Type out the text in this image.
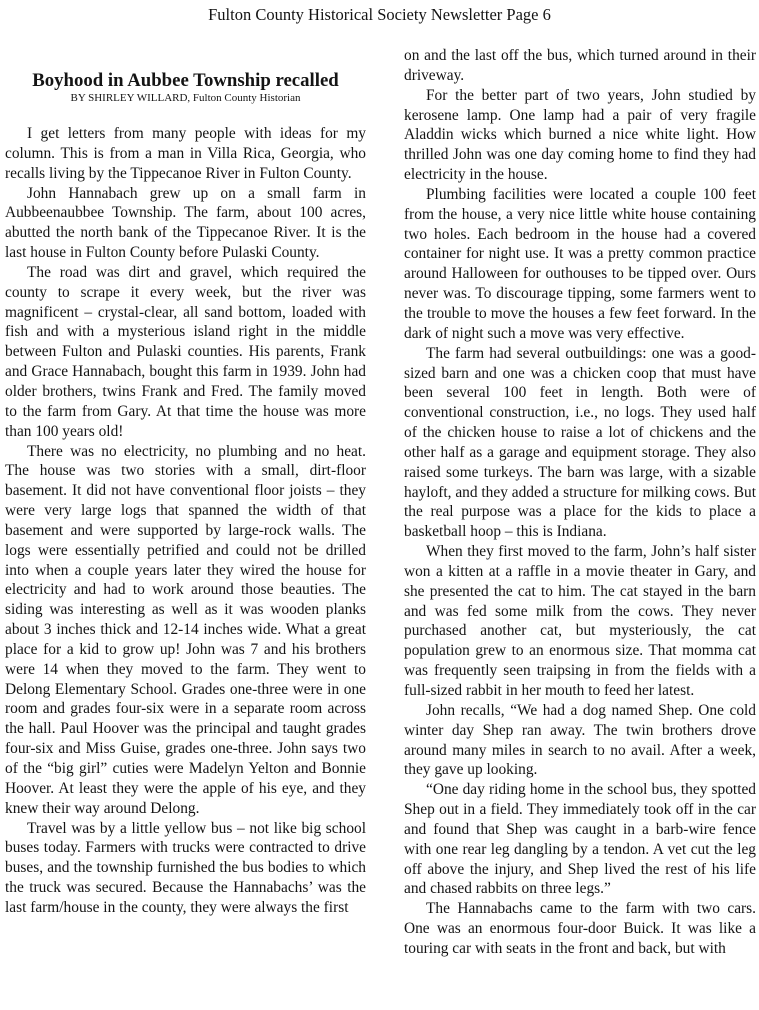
Fulton County Historical Society Newsletter Page 6
Boyhood in Aubbee Township recalled
BY SHIRLEY WILLARD, Fulton County Historian

I get letters from many people with ideas for my column. This is from a man in Villa Rica, Georgia, who recalls living by the Tippecanoe River in Fulton County.

John Hannabach grew up on a small farm in Aubbeenaubbee Township. The farm, about 100 acres, abutted the north bank of the Tippecanoe River. It is the last house in Fulton County before Pulaski County.

The road was dirt and gravel, which required the county to scrape it every week, but the river was magnificent – crystal-clear, all sand bottom, loaded with fish and with a mysterious island right in the middle between Fulton and Pulaski counties. His parents, Frank and Grace Hannabach, bought this farm in 1939. John had older brothers, twins Frank and Fred. The family moved to the farm from Gary. At that time the house was more than 100 years old!

There was no electricity, no plumbing and no heat. The house was two stories with a small, dirt-floor basement. It did not have conventional floor joists – they were very large logs that spanned the width of that basement and were supported by large-rock walls. The logs were essentially petrified and could not be drilled into when a couple years later they wired the house for electricity and had to work around those beauties. The siding was interesting as well as it was wooden planks about 3 inches thick and 12-14 inches wide. What a great place for a kid to grow up! John was 7 and his brothers were 14 when they moved to the farm. They went to Delong Elementary School. Grades one-three were in one room and grades four-six were in a separate room across the hall. Paul Hoover was the principal and taught grades four-six and Miss Guise, grades one-three. John says two of the “big girl” cuties were Madelyn Yelton and Bonnie Hoover. At least they were the apple of his eye, and they knew their way around Delong.

Travel was by a little yellow bus – not like big school buses today. Farmers with trucks were contracted to drive buses, and the township furnished the bus bodies to which the truck was secured. Because the Hannabachs’ was the last farm/house in the county, they were always the first

on and the last off the bus, which turned around in their driveway.

For the better part of two years, John studied by kerosene lamp. One lamp had a pair of very fragile Aladdin wicks which burned a nice white light. How thrilled John was one day coming home to find they had electricity in the house.

Plumbing facilities were located a couple 100 feet from the house, a very nice little white house containing two holes. Each bedroom in the house had a covered container for night use. It was a pretty common practice around Halloween for outhouses to be tipped over. Ours never was. To discourage tipping, some farmers went to the trouble to move the houses a few feet forward. In the dark of night such a move was very effective.

The farm had several outbuildings: one was a good-sized barn and one was a chicken coop that must have been several 100 feet in length. Both were of conventional construction, i.e., no logs. They used half of the chicken house to raise a lot of chickens and the other half as a garage and equipment storage. They also raised some turkeys. The barn was large, with a sizable hayloft, and they added a structure for milking cows. But the real purpose was a place for the kids to place a basketball hoop – this is Indiana.

When they first moved to the farm, John’s half sister won a kitten at a raffle in a movie theater in Gary, and she presented the cat to him. The cat stayed in the barn and was fed some milk from the cows. They never purchased another cat, but mysteriously, the cat population grew to an enormous size. That momma cat was frequently seen traipsing in from the fields with a full-sized rabbit in her mouth to feed her latest.

John recalls, “We had a dog named Shep. One cold winter day Shep ran away. The twin brothers drove around many miles in search to no avail. After a week, they gave up looking.

“One day riding home in the school bus, they spotted Shep out in a field. They immediately took off in the car and found that Shep was caught in a barb-wire fence with one rear leg dangling by a tendon. A vet cut the leg off above the injury, and Shep lived the rest of his life and chased rabbits on three legs.”

The Hannabachs came to the farm with two cars. One was an enormous four-door Buick. It was like a touring car with seats in the front and back, but with
